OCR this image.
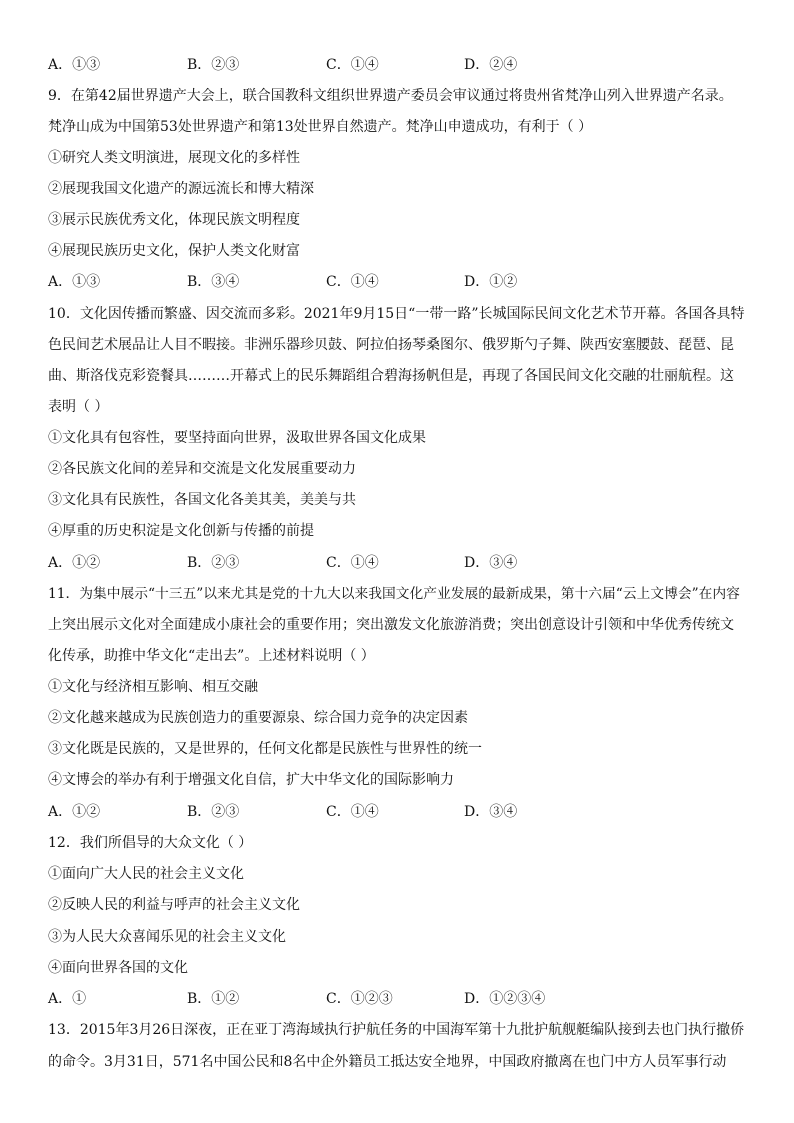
A．①③	B．②③	C．①④	D．②④
9．在第42届世界遗产大会上，联合国教科文组织世界遗产委员会审议通过将贵州省梵净山列入世界遗产名录。
梵净山成为中国第53处世界遗产和第13处世界自然遗产。梵净山申遗成功，有利于（ ）
①研究人类文明演进，展现文化的多样性
②展现我国文化遗产的源远流长和博大精深
③展示民族优秀文化，体现民族文明程度
④展现民族历史文化，保护人类文化财富
A．①③	B．③④	C．①④	D．①②
10．文化因传播而繁盛、因交流而多彩。2021年9月15日“一带一路”长城国际民间文化艺术节开幕。各国各具特
色民间艺术展品让人目不暇接。非洲乐器珍贝鼓、阿拉伯扬琴桑图尔、俄罗斯勺子舞、陕西安塞腰鼓、琵琶、昆
曲、斯洛伐克彩瓷餐具………开幕式上的民乐舞蹈组合碧海扬帆但是，再现了各国民间文化交融的壮丽航程。这
表明（ ）
①文化具有包容性，要坚持面向世界，汲取世界各国文化成果
②各民族文化间的差异和交流是文化发展重要动力
③文化具有民族性，各国文化各美其美，美美与共
④厚重的历史积淀是文化创新与传播的前提
A．①②	B．②③	C．①④	D．③④
11．为集中展示“十三五”以来尤其是党的十九大以来我国文化产业发展的最新成果，第十六届“云上文博会”在内容
上突出展示文化对全面建成小康社会的重要作用；突出激发文化旅游消费；突出创意设计引领和中华优秀传统文
化传承，助推中华文化“走出去”。上述材料说明（ ）
①文化与经济相互影响、相互交融
②文化越来越成为民族创造力的重要源泉、综合国力竞争的决定因素
③文化既是民族的，又是世界的，任何文化都是民族性与世界性的统一
④文博会的举办有利于增强文化自信，扩大中华文化的国际影响力
A．①②	B．②③	C．①④	D．③④
12．我们所倡导的大众文化（ ）
①面向广大人民的社会主义文化
②反映人民的利益与呼声的社会主义文化
③为人民大众喜闻乐见的社会主义文化
④面向世界各国的文化
A．①	B．①②	C．①②③	D．①②③④
13．2015年3月26日深夜，正在亚丁湾海域执行护航任务的中国海军第十九批护航舰艇编队接到去也门执行撤侨
的命令。3月31日，571名中国公民和8名中企外籍员工抵达安全地界，中国政府撤离在也门中方人员军事行动
